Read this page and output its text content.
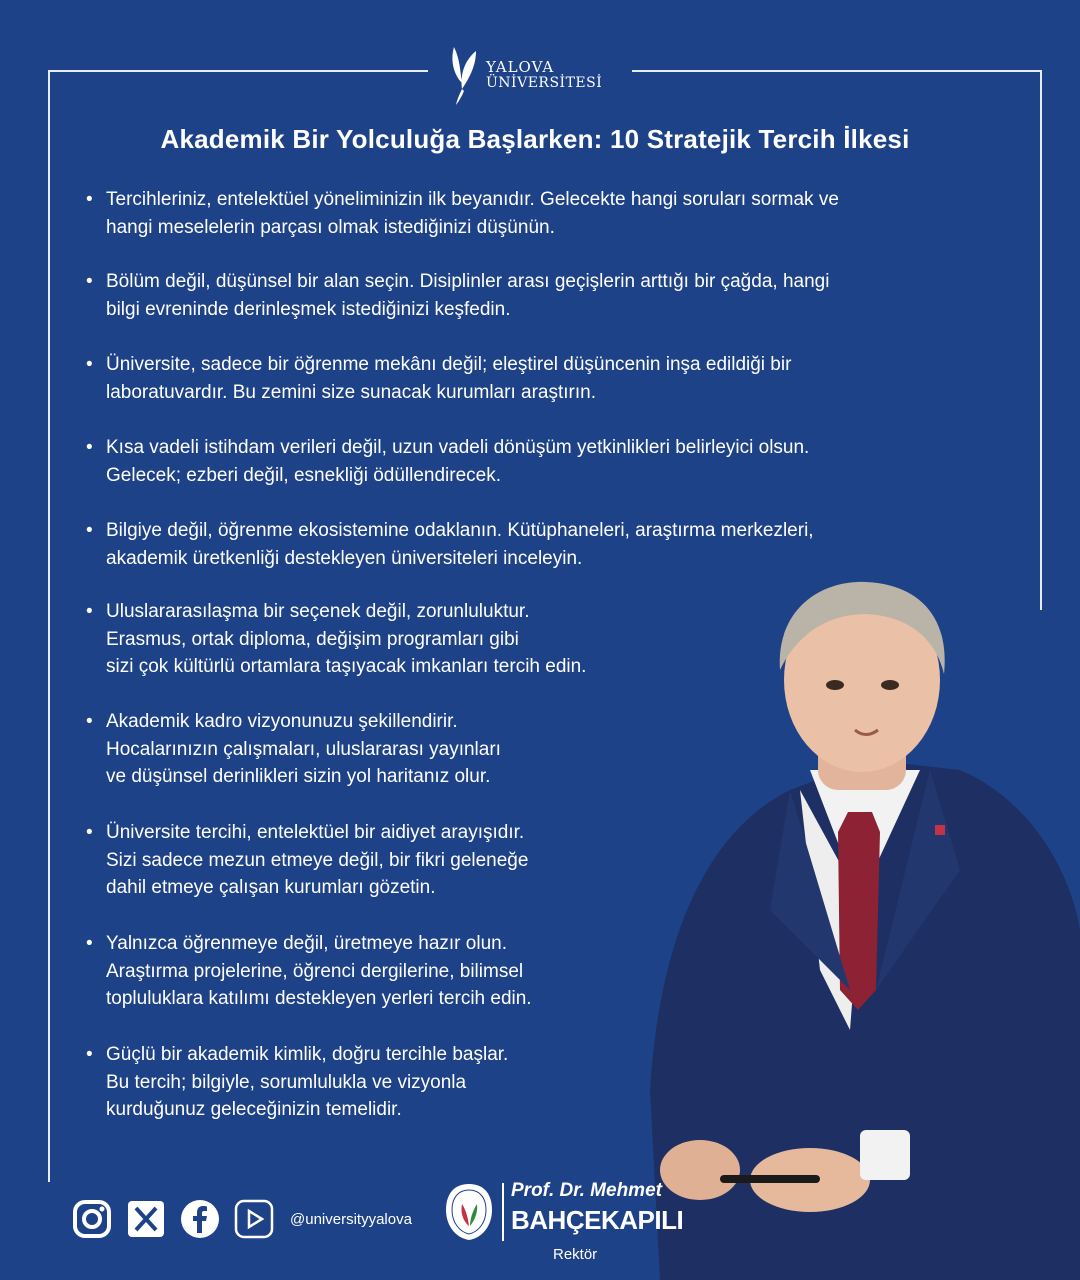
YALOVA
ÜNİVERSİTESİ
Akademik Bir Yolculuğa Başlarken: 10 Stratejik Tercih İlkesi
• Tercihleriniz, entelektüel yöneliminizin ilk beyanıdır. Gelecekte hangi soruları sormak ve
hangi meselelerin parçası olmak istediğinizi düşünün.
• Bölüm değil, düşünsel bir alan seçin. Disiplinler arası geçişlerin arttığı bir çağda, hangi
bilgi evreninde derinleşmek istediğinizi keşfedin.
• Üniversite, sadece bir öğrenme mekânı değil; eleştirel düşüncenin inşa edildiği bir
laboratuvardır. Bu zemini size sunacak kurumları araştırın.
• Kısa vadeli istihdam verileri değil, uzun vadeli dönüşüm yetkinlikleri belirleyici olsun.
Gelecek; ezberi değil, esnekliği ödüllendirecek.
• Bilgiye değil, öğrenme ekosistemine odaklanın. Kütüphaneleri, araştırma merkezleri,
akademik üretkenliği destekleyen üniversiteleri inceleyin.
• Uluslararasılaşma bir seçenek değil, zorunluluktur.
Erasmus, ortak diploma, değişim programları gibi
sizi çok kültürlü ortamlara taşıyacak imkanları tercih edin.
• Akademik kadro vizyonunuzu şekillendirir.
Hocalarınızın çalışmaları, uluslararası yayınları
ve düşünsel derinlikleri sizin yol haritanız olur.
• Üniversite tercihi, entelektüel bir aidiyet arayışıdır.
Sizi sadece mezun etmeye değil, bir fikri geleneğe
dahil etmeye çalışan kurumları gözetin.
• Yalnızca öğrenmeye değil, üretmeye hazır olun.
Araştırma projelerine, öğrenci dergilerine, bilimsel
topluluklara katılımı destekleyen yerleri tercih edin.
• Güçlü bir akademik kimlik, doğru tercihle başlar.
Bu tercih; bilgiyle, sorumlulukla ve vizyonla
kurduğunuz geleceğinizin temelidir.
@universityyalova
Prof. Dr. Mehmet
BAHÇEKAPILI
Rektör
